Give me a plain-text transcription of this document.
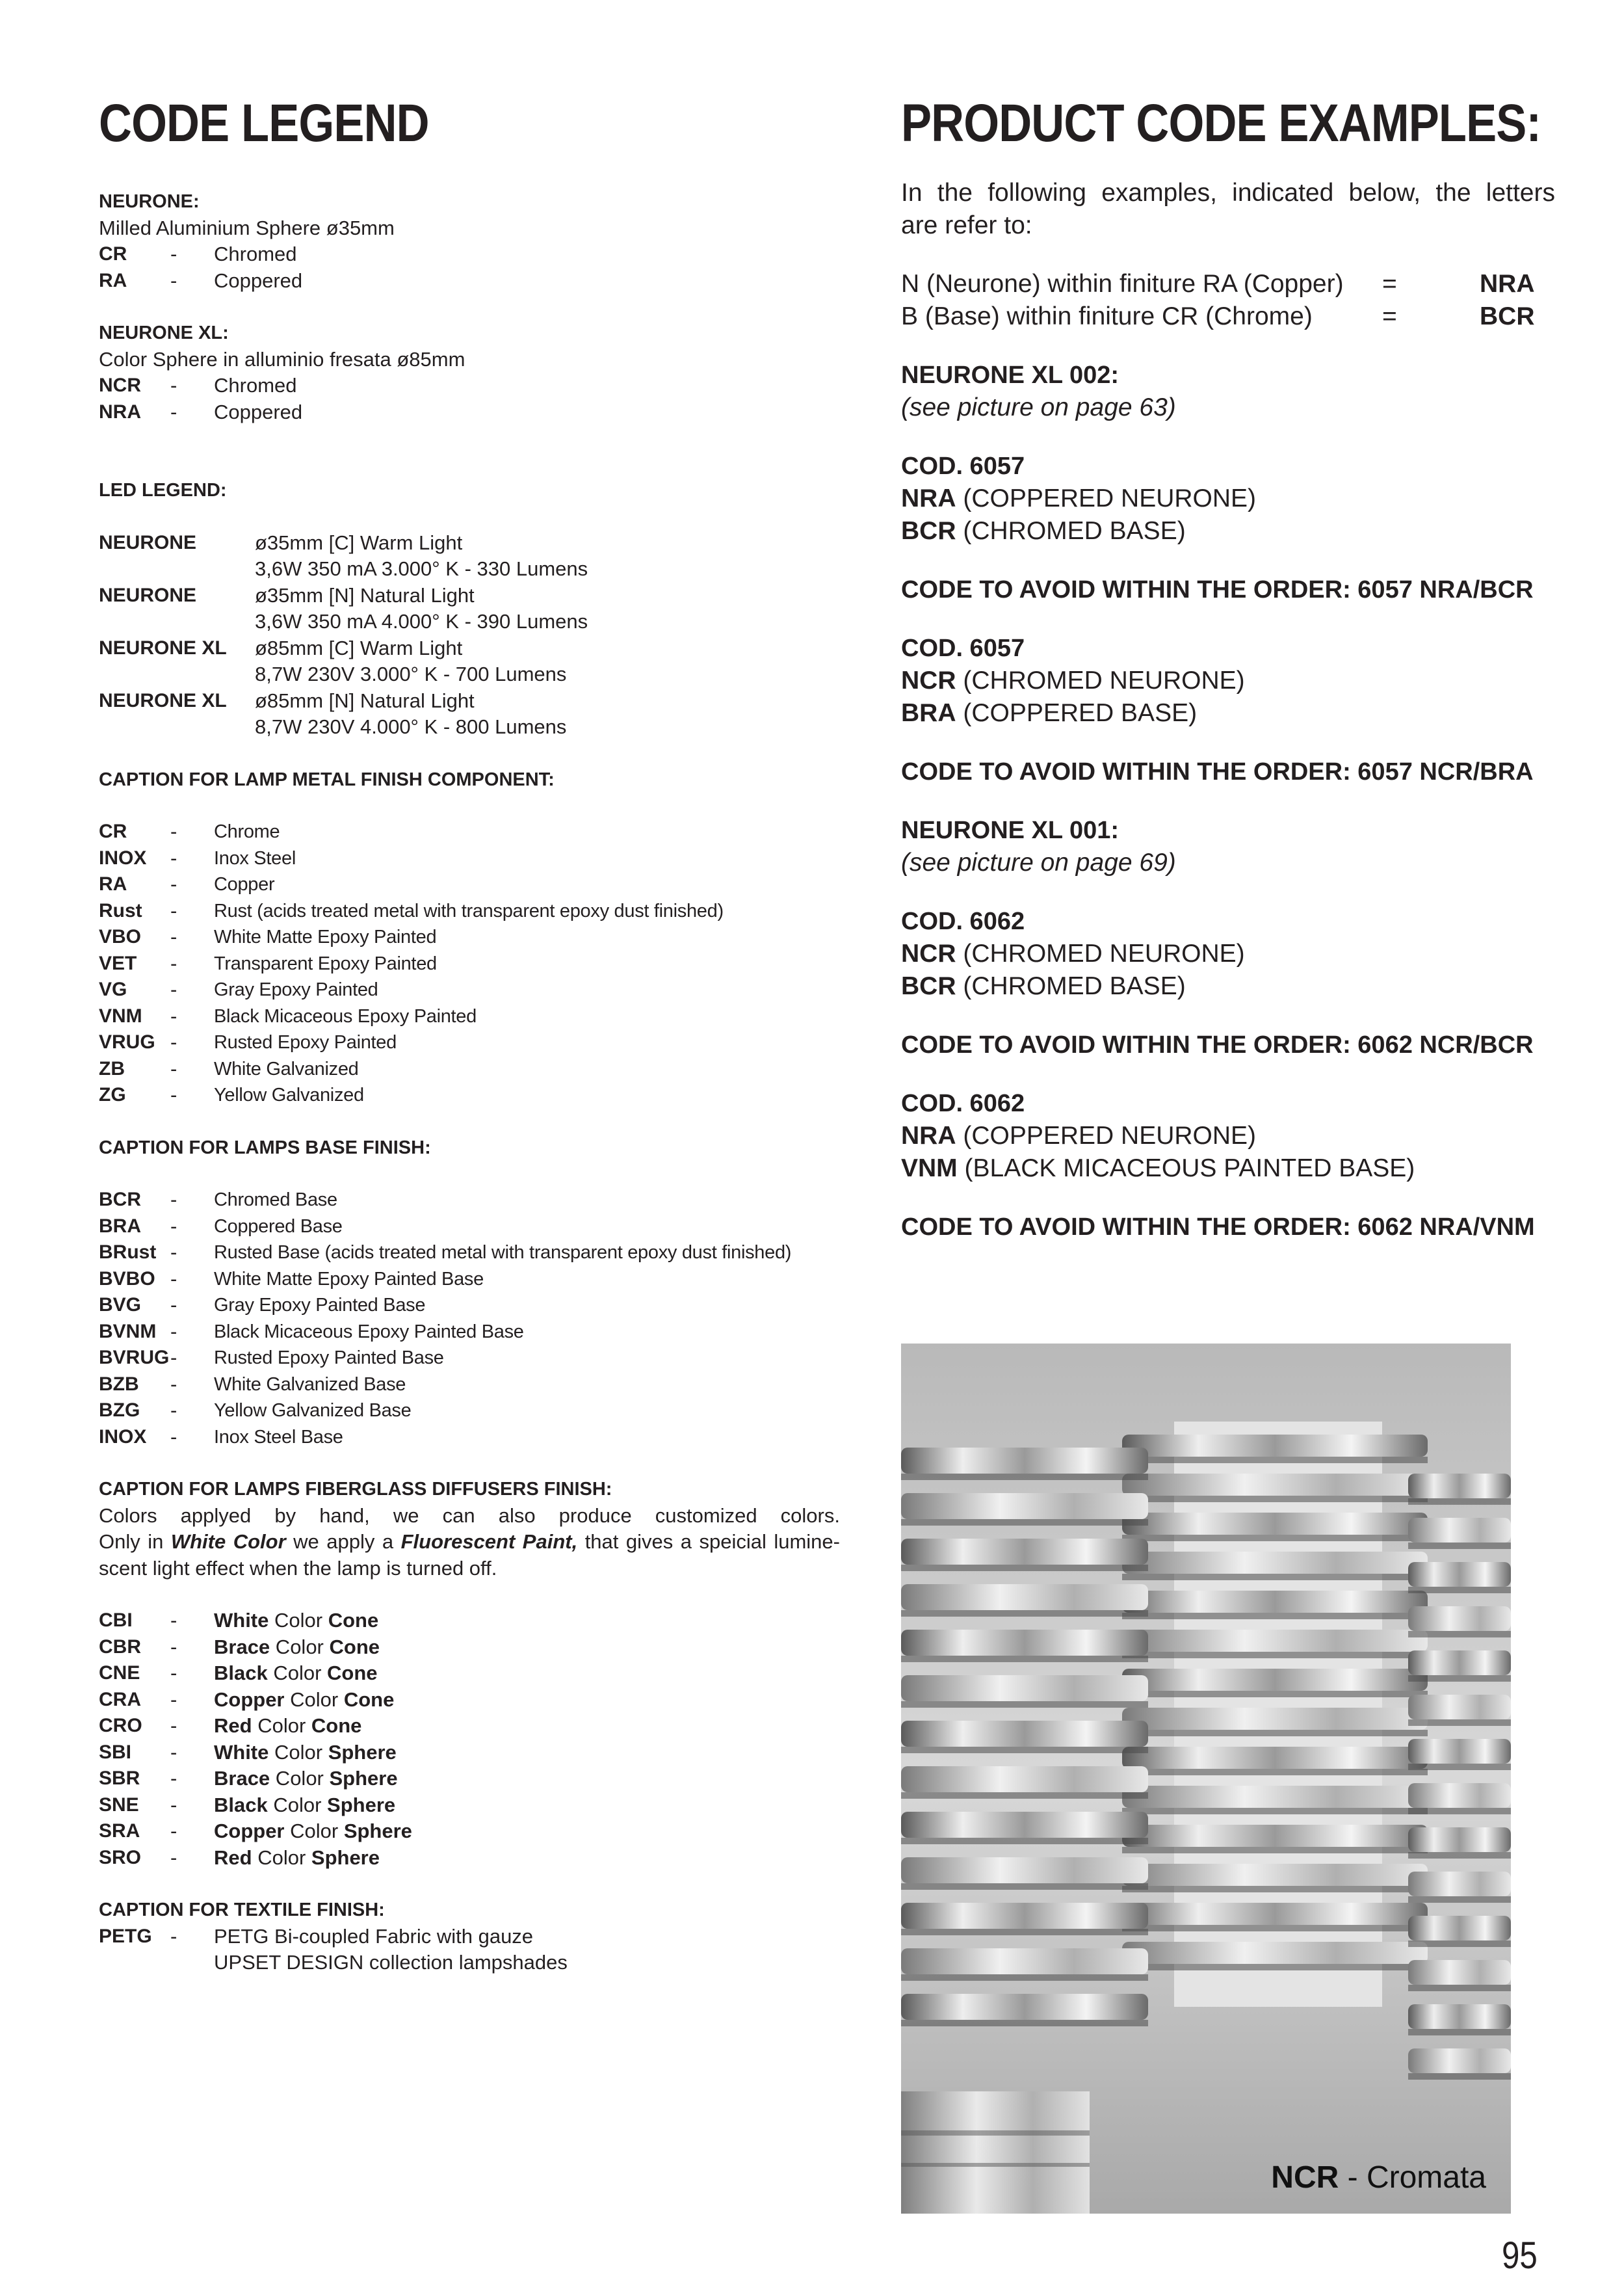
CODE LEGEND
NEURONE:
Milled Aluminium Sphere ø35mm
CR	-	Chromed
RA	-	Coppered
NEURONE XL:
Color Sphere in alluminio fresata ø85mm
NCR	-	Chromed
NRA	-	Coppered
LED LEGEND:
NEURONE	ø35mm [C] Warm Light
3,6W 350 mA 3.000° K - 330 Lumens
NEURONE	ø35mm [N] Natural Light
3,6W 350 mA 4.000° K - 390 Lumens
NEURONE XL	ø85mm [C] Warm Light
8,7W 230V 3.000° K - 700 Lumens
NEURONE XL	ø85mm [N] Natural Light
8,7W 230V 4.000° K - 800 Lumens
CAPTION FOR LAMP METAL FINISH COMPONENT:
CR	-	Chrome
INOX	-	Inox Steel
RA	-	Copper
Rust	-	Rust (acids treated metal with transparent epoxy dust finished)
VBO	-	White Matte Epoxy Painted
VET	-	Transparent Epoxy Painted
VG	-	Gray Epoxy Painted
VNM	-	Black Micaceous Epoxy Painted
VRUG -	Rusted Epoxy Painted
ZB	-	White Galvanized
ZG	-	Yellow Galvanized
CAPTION FOR LAMPS BASE FINISH:
BCR	-	Chromed Base
BRA	-	Coppered Base
BRust -	Rusted Base (acids treated metal with transparent epoxy dust finished)
BVBO -	White Matte Epoxy Painted Base
BVG	-	Gray Epoxy Painted Base
BVNM -	Black Micaceous Epoxy Painted Base
BVRUG -	Rusted Epoxy Painted Base
BZB	-	White Galvanized Base
BZG	-	Yellow Galvanized Base
INOX	-	Inox Steel Base
CAPTION FOR LAMPS FIBERGLASS DIFFUSERS FINISH:
Colors applyed by hand, we can also produce customized colors.
Only in White Color we apply a Fluorescent Paint, that gives a speicial lumine-
scent light effect when the lamp is turned off.
CBI	-	White Color Cone
CBR	-	Brace Color Cone
CNE	-	Black Color Cone
CRA	-	Copper Color Cone
CRO	-	Red Color Cone
SBI	-	White Color Sphere
SBR	-	Brace Color Sphere
SNE	-	Black Color Sphere
SRA	-	Copper Color Sphere
SRO	-	Red Color Sphere
CAPTION FOR TEXTILE FINISH:
PETG -	PETG Bi-coupled Fabric with gauze
UPSET DESIGN collection lampshades
PRODUCT CODE EXAMPLES:
In the following examples, indicated below, the letters
are refer to:
N (Neurone) within finiture RA (Copper)	=	NRA
B (Base) within finiture CR (Chrome)	=	BCR
NEURONE XL 002:
(see picture on page 63)
COD. 6057
NRA (COPPERED NEURONE)
BCR (CHROMED BASE)
CODE TO AVOID WITHIN THE ORDER: 6057 NRA/BCR
COD. 6057
NCR (CHROMED NEURONE)
BRA (COPPERED BASE)
CODE TO AVOID WITHIN THE ORDER: 6057 NCR/BRA
NEURONE XL 001:
(see picture on page 69)
COD. 6062
NCR (CHROMED NEURONE)
BCR (CHROMED BASE)
CODE TO AVOID WITHIN THE ORDER: 6062 NCR/BCR
COD. 6062
NRA (COPPERED NEURONE)
VNM (BLACK MICACEOUS PAINTED BASE)
CODE TO AVOID WITHIN THE ORDER: 6062 NRA/VNM
NCR - Cromata
95
